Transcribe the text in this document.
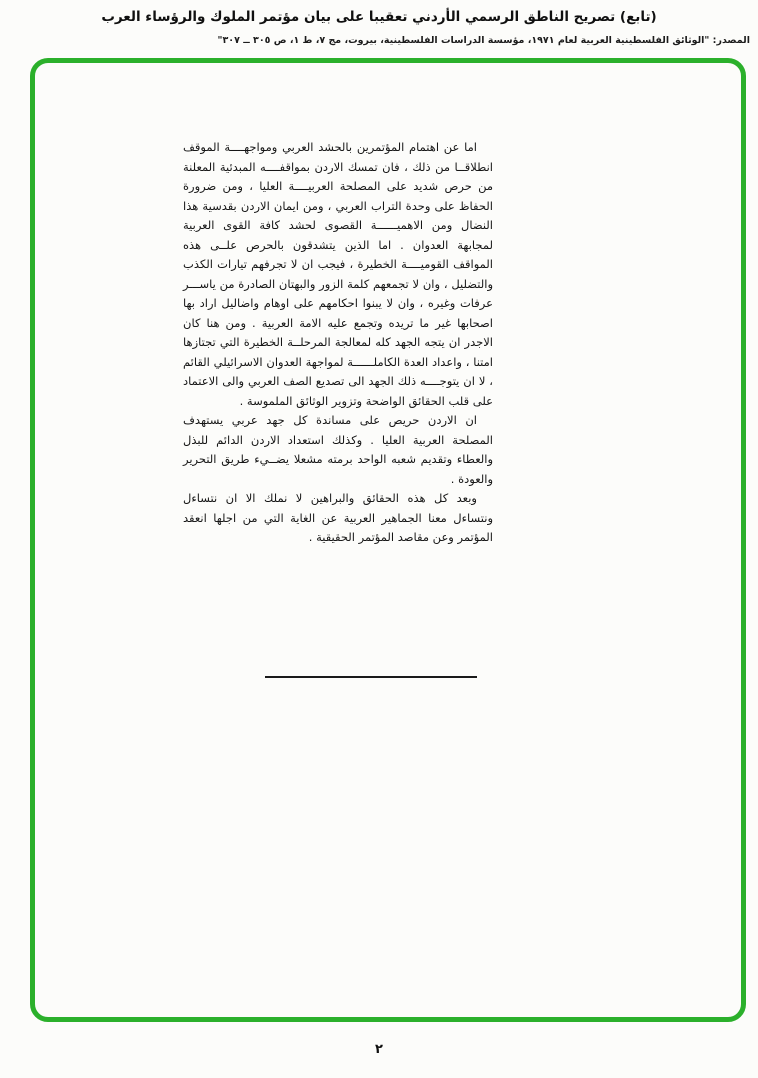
(تابع) تصريح الناطق الرسمي الأردني تعقيبا على بيان مؤتمر الملوك والرؤساء العرب
المصدر: "الوثائق الفلسطينية العربية لعام ١٩٧١، مؤسسة الدراسات الفلسطينية، بيروت، مج ٧، ط ١، ص ٣٠٥ ــ ٣٠٧"

اما عن اهتمام المؤتمرين بالحشد العربي ومواجهــــة الموقف انطلاقــا من ذلك ، فان تمسك الاردن بمواقفــــه المبدئية المعلنة من حرص شديد على المصلحة العربيــــة العليا ، ومن ضرورة الحفاظ على وحدة التراب العربي ، ومن ايمان الاردن بقدسية هذا النضال ومن الاهميــــــة القصوى لحشد كافة القوى العربية لمجابهة العدوان . اما الذين يتشدقون بالحرص علــى هذه المواقف القوميــــة الخطيرة ، فيجب ان لا تجرفهم تيارات الكذب والتضليل ، وان لا تجمعهم كلمة الزور والبهتان الصادرة من ياســـر عرفات وغيره ، وان لا يبنوا احكامهم على اوهام واضاليل اراد بها اصحابها غير ما تريده وتجمع عليه الامة العربية . ومن هنا كان الاجدر ان يتجه الجهد كله لمعالجة المرحلــة الخطيرة التي تجتازها امتنا ، واعداد العدة الكاملــــــة لمواجهة العدوان الاسرائيلي القائم ، لا ان يتوجــــه ذلك الجهد الى تصديع الصف العربي والى الاعتماد على قلب الحقائق الواضحة وتزوير الوثائق الملموسة .

ان الاردن حريص على مساندة كل جهد عربي يستهدف المصلحة العربية العليا . وكذلك استعداد الاردن الدائم للبذل والعطاء وتقديم شعبه الواحد برمته مشعلا يضــيء طريق التحرير والعودة .

وبعد كل هذه الحقائق والبراهين لا نملك الا ان نتساءل ونتساءل معنا الجماهير العربية عن الغاية التي من اجلها انعقد المؤتمر وعن مقاصد المؤتمر الحقيقية .

٢
